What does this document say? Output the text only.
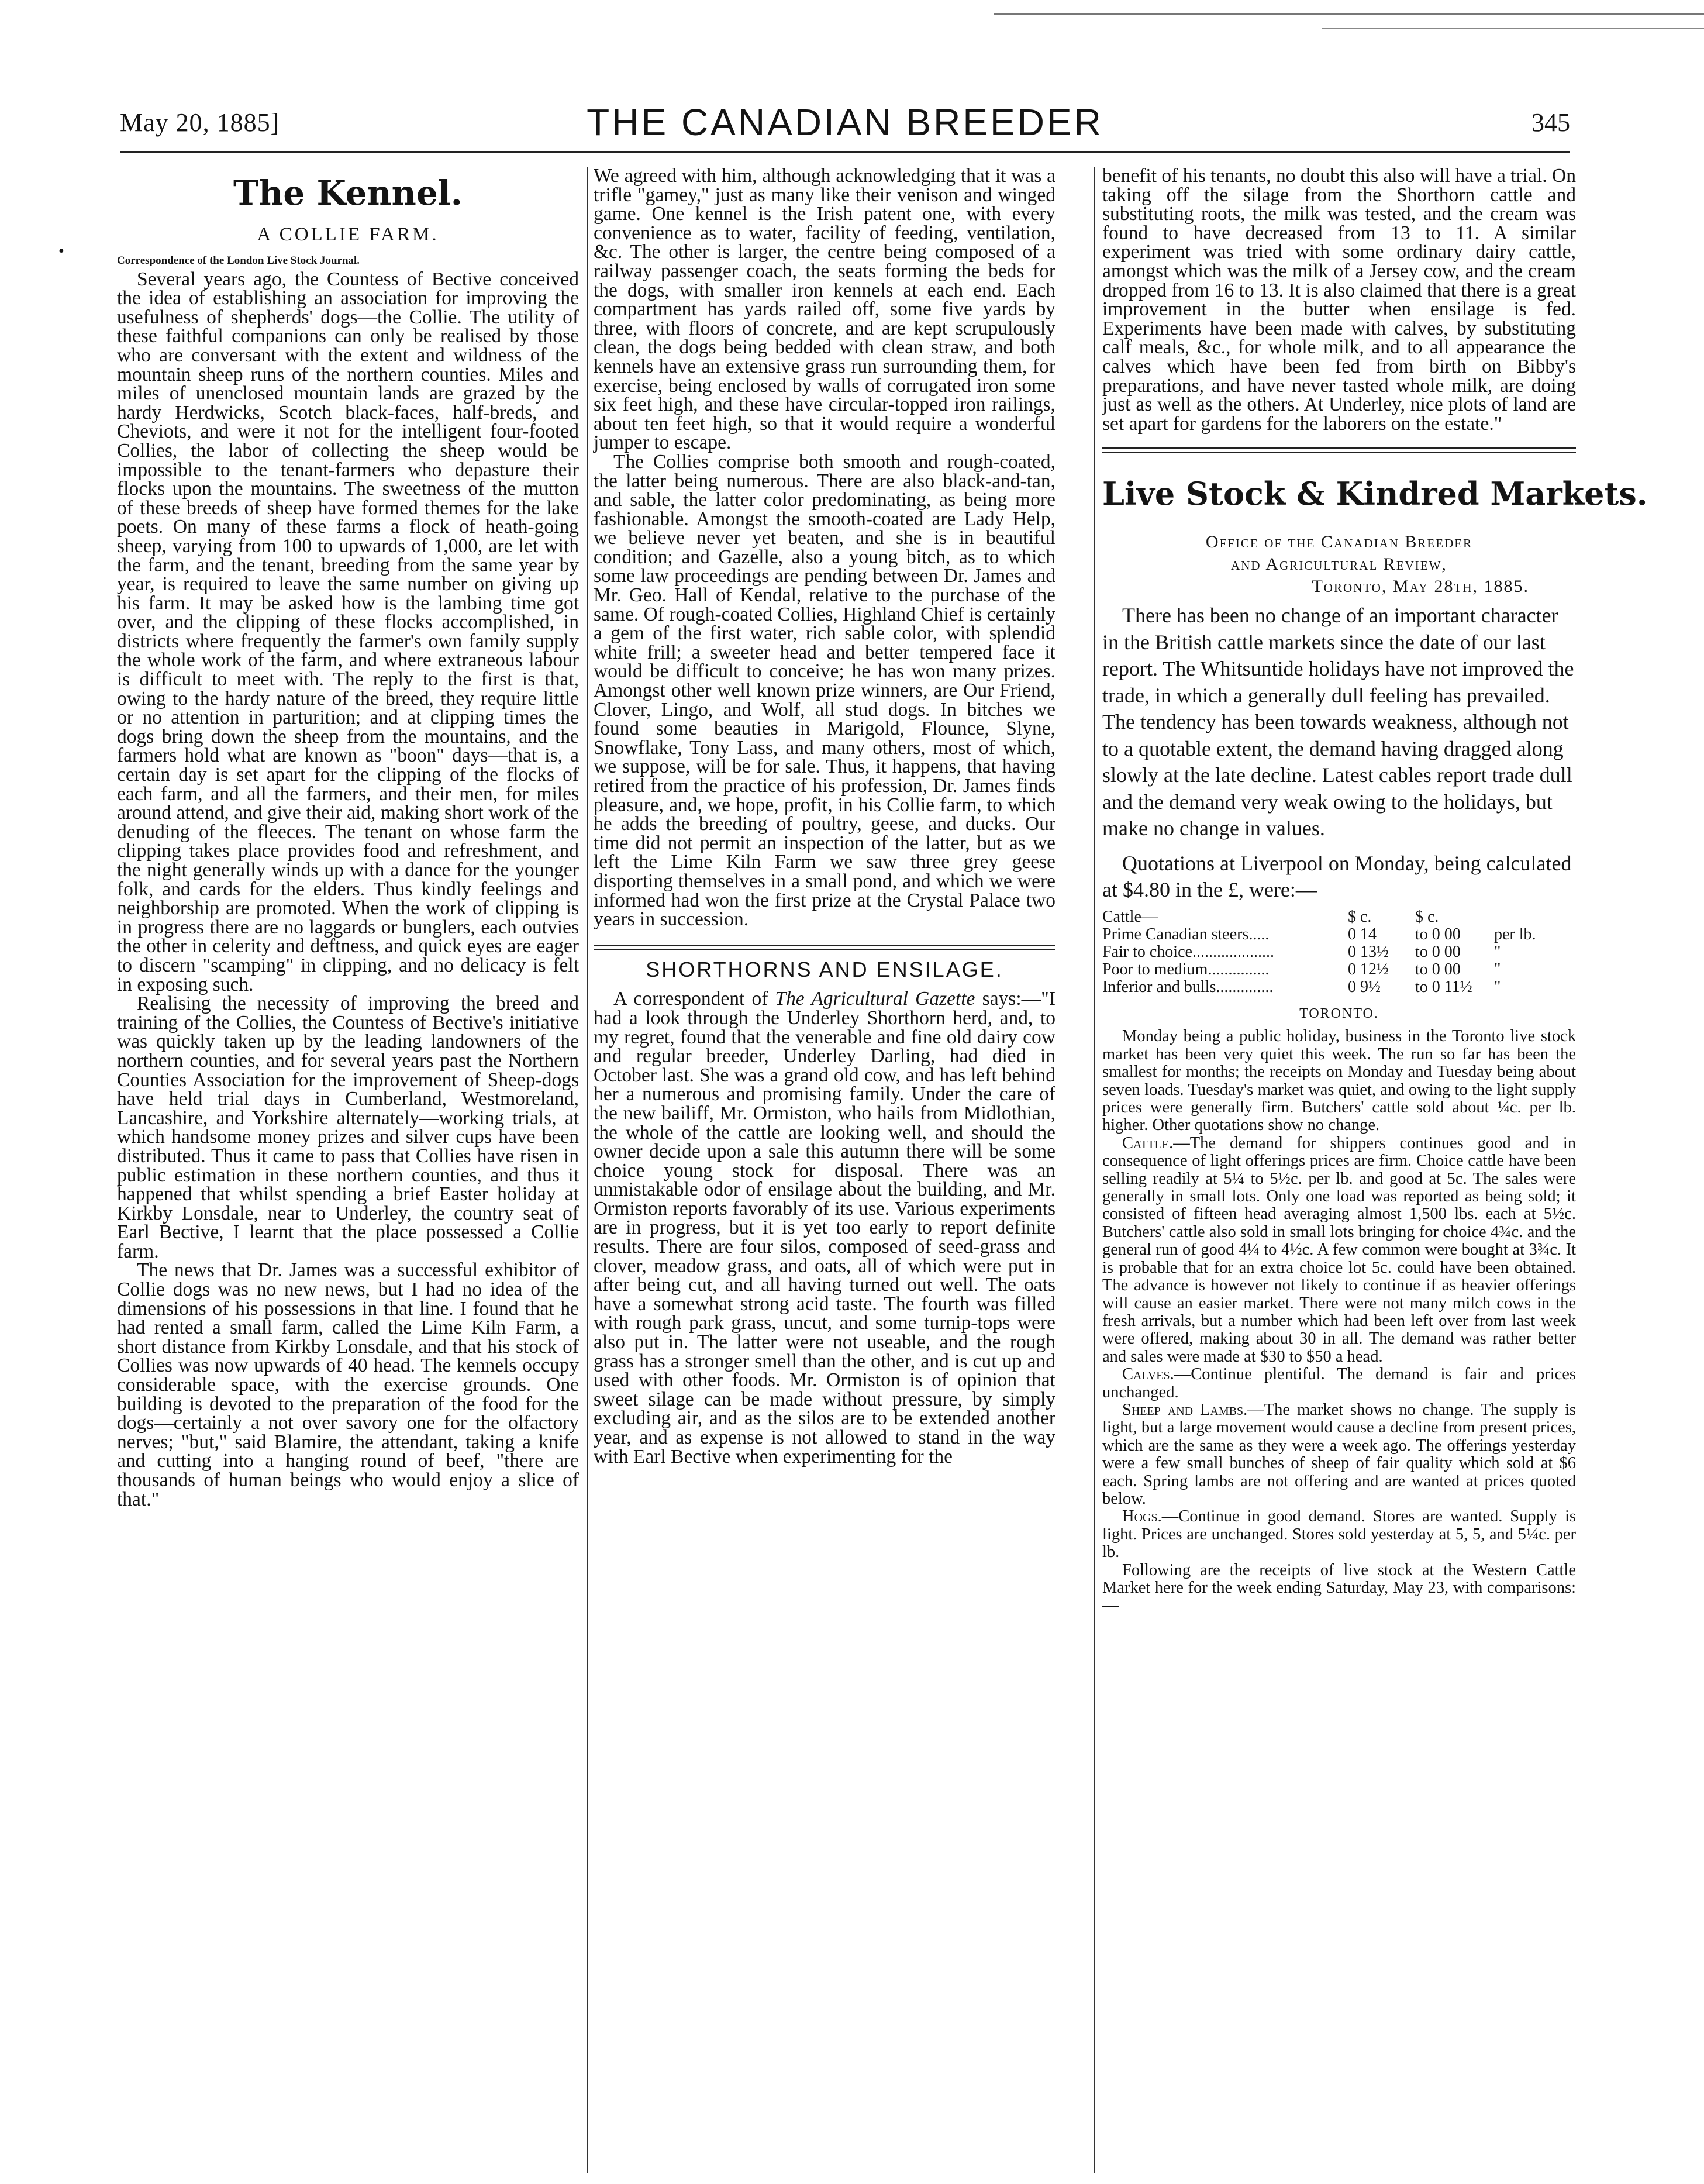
•
May 20, 1885]	THE CANADIAN BREEDER	345
The Kennel.
A COLLIE FARM.
Correspondence of the London Live Stock Journal.

Several years ago, the Countess of Bective conceived the idea of establishing an association for improving the usefulness of shepherds' dogs—the Collie. The utility of these faithful companions can only be realised by those who are conversant with the extent and wildness of the mountain sheep runs of the northern counties. Miles and miles of unenclosed mountain lands are grazed by the hardy Herdwicks, Scotch black-faces, half-breds, and Cheviots, and were it not for the intelligent four-footed Collies, the labor of collecting the sheep would be impossible to the tenant-farmers who depasture their flocks upon the mountains. The sweetness of the mutton of these breeds of sheep have formed themes for the lake poets. On many of these farms a flock of heath-going sheep, varying from 100 to upwards of 1,000, are let with the farm, and the tenant, breeding from the same year by year, is required to leave the same number on giving up his farm. It may be asked how is the lambing time got over, and the clipping of these flocks accomplished, in districts where frequently the farmer's own family supply the whole work of the farm, and where extraneous labour is difficult to meet with. The reply to the first is that, owing to the hardy nature of the breed, they require little or no attention in parturition; and at clipping times the dogs bring down the sheep from the mountains, and the farmers hold what are known as "boon" days—that is, a certain day is set apart for the clipping of the flocks of each farm, and all the farmers, and their men, for miles around attend, and give their aid, making short work of the denuding of the fleeces. The tenant on whose farm the clipping takes place provides food and refreshment, and the night generally winds up with a dance for the younger folk, and cards for the elders. Thus kindly feelings and neighborship are promoted. When the work of clipping is in progress there are no laggards or bunglers, each outvies the other in celerity and deftness, and quick eyes are eager to discern "scamping" in clipping, and no delicacy is felt in exposing such.

Realising the necessity of improving the breed and training of the Collies, the Countess of Bective's initiative was quickly taken up by the leading landowners of the northern counties, and for several years past the Northern Counties Association for the improvement of Sheep-dogs have held trial days in Cumberland, Westmoreland, Lancashire, and Yorkshire alternately—working trials, at which handsome money prizes and silver cups have been distributed. Thus it came to pass that Collies have risen in public estimation in these northern counties, and thus it happened that whilst spending a brief Easter holiday at Kirkby Lonsdale, near to Underley, the country seat of Earl Bective, I learnt that the place possessed a Collie farm.

The news that Dr. James was a successful exhibitor of Collie dogs was no new news, but I had no idea of the dimensions of his possessions in that line. I found that he had rented a small farm, called the Lime Kiln Farm, a short distance from Kirkby Lonsdale, and that his stock of Collies was now upwards of 40 head. The kennels occupy considerable space, with the exercise grounds. One building is devoted to the preparation of the food for the dogs—certainly a not over savory one for the olfactory nerves; "but," said Blamire, the attendant, taking a knife and cutting into a hanging round of beef, "there are thousands of human beings who would enjoy a slice of that."

We agreed with him, although acknowledging that it was a trifle "gamey," just as many like their venison and winged game. One kennel is the Irish patent one, with every convenience as to water, facility of feeding, ventilation, &c. The other is larger, the centre being composed of a railway passenger coach, the seats forming the beds for the dogs, with smaller iron kennels at each end. Each compartment has yards railed off, some five yards by three, with floors of concrete, and are kept scrupulously clean, the dogs being bedded with clean straw, and both kennels have an extensive grass run surrounding them, for exercise, being enclosed by walls of corrugated iron some six feet high, and these have circular-topped iron railings, about ten feet high, so that it would require a wonderful jumper to escape.

The Collies comprise both smooth and rough-coated, the latter being numerous. There are also black-and-tan, and sable, the latter color predominating, as being more fashionable. Amongst the smooth-coated are Lady Help, we believe never yet beaten, and she is in beautiful condition; and Gazelle, also a young bitch, as to which some law proceedings are pending between Dr. James and Mr. Geo. Hall of Kendal, relative to the purchase of the same. Of rough-coated Collies, Highland Chief is certainly a gem of the first water, rich sable color, with splendid white frill; a sweeter head and better tempered face it would be difficult to conceive; he has won many prizes. Amongst other well known prize winners, are Our Friend, Clover, Lingo, and Wolf, all stud dogs. In bitches we found some beauties in Marigold, Flounce, Slyne, Snowflake, Tony Lass, and many others, most of which, we suppose, will be for sale. Thus, it happens, that having retired from the practice of his profession, Dr. James finds pleasure, and, we hope, profit, in his Collie farm, to which he adds the breeding of poultry, geese, and ducks. Our time did not permit an inspection of the latter, but as we left the Lime Kiln Farm we saw three grey geese disporting themselves in a small pond, and which we were informed had won the first prize at the Crystal Palace two years in succession.

SHORTHORNS AND ENSILAGE.

A correspondent of The Agricultural Gazette says:—"I had a look through the Underley Shorthorn herd, and, to my regret, found that the venerable and fine old dairy cow and regular breeder, Underley Darling, had died in October last. She was a grand old cow, and has left behind her a numerous and promising family. Under the care of the new bailiff, Mr. Ormiston, who hails from Midlothian, the whole of the cattle are looking well, and should the owner decide upon a sale this autumn there will be some choice young stock for disposal. There was an unmistakable odor of ensilage about the building, and Mr. Ormiston reports favorably of its use. Various experiments are in progress, but it is yet too early to report definite results. There are four silos, composed of seed-grass and clover, meadow grass, and oats, all of which were put in after being cut, and all having turned out well. The oats have a somewhat strong acid taste. The fourth was filled with rough park grass, uncut, and some turnip-tops were also put in. The latter were not useable, and the rough grass has a stronger smell than the other, and is cut up and used with other foods. Mr. Ormiston is of opinion that sweet silage can be made without pressure, by simply excluding air, and as the silos are to be extended another year, and as expense is not allowed to stand in the way with Earl Bective when experimenting for the

benefit of his tenants, no doubt this also will have a trial. On taking off the silage from the Shorthorn cattle and substituting roots, the milk was tested, and the cream was found to have decreased from 13 to 11. A similar experiment was tried with some ordinary dairy cattle, amongst which was the milk of a Jersey cow, and the cream dropped from 16 to 13. It is also claimed that there is a great improvement in the butter when ensilage is fed. Experiments have been made with calves, by substituting calf meals, &c., for whole milk, and to all appearance the calves which have been fed from birth on Bibby's preparations, and have never tasted whole milk, are doing just as well as the others. At Underley, nice plots of land are set apart for gardens for the laborers on the estate."

Live Stock & Kindred Markets.
Office of the Canadian Breeder
and Agricultural Review,
Toronto, May 28th, 1885.

There has been no change of an important character in the British cattle markets since the date of our last report. The Whitsuntide holidays have not improved the trade, in which a generally dull feeling has prevailed. The tendency has been towards weakness, although not to a quotable extent, the demand having dragged along slowly at the late decline. Latest cables report trade dull and the demand very weak owing to the holidays, but make no change in values.

Quotations at Liverpool on Monday, being calculated at $4.80 in the £, were:—

Cattle—	$ c.	$ c.
Prime Canadian steers.....	0 14	to 0 00	per lb.
Fair to choice....................	0 13½	to 0 00	"
Poor to medium...............	0 12½	to 0 00	"
Inferior and bulls..............	0 9½	to 0 11½	"
TORONTO.

Monday being a public holiday, business in the Toronto live stock market has been very quiet this week. The run so far has been the smallest for months; the receipts on Monday and Tuesday being about seven loads. Tuesday's market was quiet, and owing to the light supply prices were generally firm. Butchers' cattle sold about ¼c. per lb. higher. Other quotations show no change.

Cattle.—The demand for shippers continues good and in consequence of light offerings prices are firm. Choice cattle have been selling readily at 5¼ to 5½c. per lb. and good at 5c. The sales were generally in small lots. Only one load was reported as being sold; it consisted of fifteen head averaging almost 1,500 lbs. each at 5½c. Butchers' cattle also sold in small lots bringing for choice 4¾c. and the general run of good 4¼ to 4½c. A few common were bought at 3¾c. It is probable that for an extra choice lot 5c. could have been obtained. The advance is however not likely to continue if as heavier offerings will cause an easier market. There were not many milch cows in the fresh arrivals, but a number which had been left over from last week were offered, making about 30 in all. The demand was rather better and sales were made at $30 to $50 a head.

Calves.—Continue plentiful. The demand is fair and prices unchanged.

Sheep and Lambs.—The market shows no change. The supply is light, but a large movement would cause a decline from present prices, which are the same as they were a week ago. The offerings yesterday were a few small bunches of sheep of fair quality which sold at $6 each. Spring lambs are not offering and are wanted at prices quoted below.

Hogs.—Continue in good demand. Stores are wanted. Supply is light. Prices are unchanged. Stores sold yesterday at 5, 5, and 5¼c. per lb.

Following are the receipts of live stock at the Western Cattle Market here for the week ending Saturday, May 23, with comparisons:—
